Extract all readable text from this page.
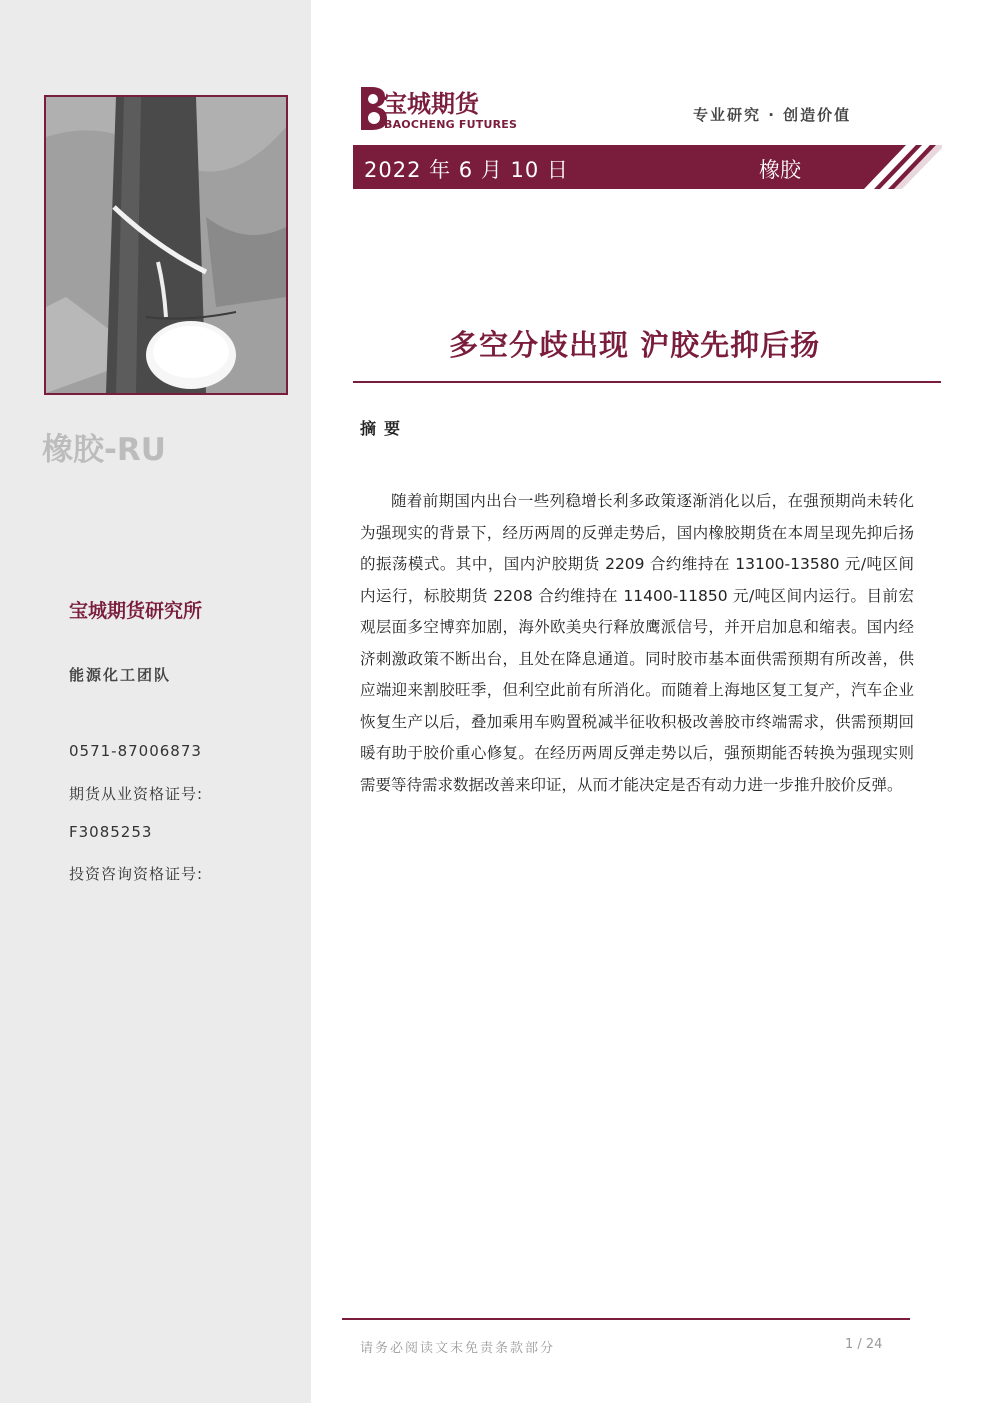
橡胶-RU
宝城期货研究所
能源化工团队
0571-87006873
期货从业资格证号:
F3085253
投资咨询资格证号:
宝城期货
BAOCHENG FUTURES
专业研究 · 创造价值
2022 年 6 月 10 日	橡胶
多空分歧出现 沪胶先抑后扬
摘要

随着前期国内出台一些列稳增长利多政策逐渐消化以后，在强预期尚未转化为强现实的背景下，经历两周的反弹走势后，国内橡胶期货在本周呈现先抑后扬的振荡模式。其中，国内沪胶期货 2209 合约维持在 13100-13580 元/吨区间内运行，标胶期货 2208 合约维持在 11400-11850 元/吨区间内运行。目前宏观层面多空博弈加剧，海外欧美央行释放鹰派信号，并开启加息和缩表。国内经济刺激政策不断出台，且处在降息通道。同时胶市基本面供需预期有所改善，供应端迎来割胶旺季，但利空此前有所消化。而随着上海地区复工复产，汽车企业恢复生产以后，叠加乘用车购置税减半征收积极改善胶市终端需求，供需预期回暖有助于胶价重心修复。在经历两周反弹走势以后，强预期能否转换为强现实则需要等待需求数据改善来印证，从而才能决定是否有动力进一步推升胶价反弹。

请务必阅读文末免责条款部分	1 / 24
